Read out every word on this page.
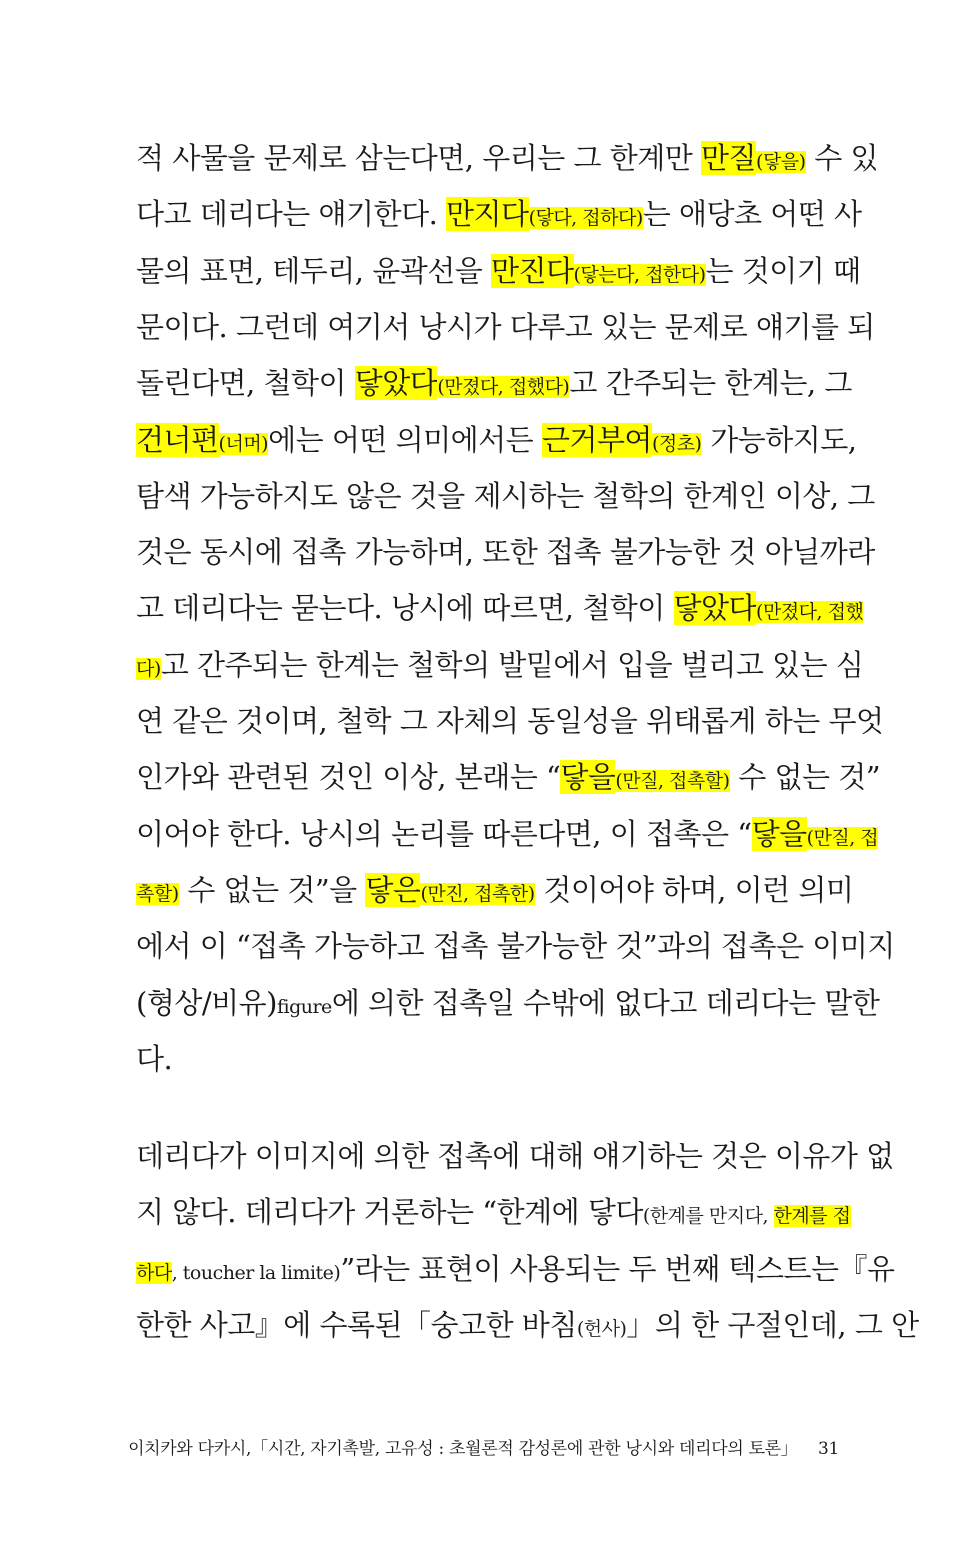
적 사물을 문제로 삼는다면, 우리는 그 한계만 만질(닿을) 수 있
다고 데리다는 얘기한다. 만지다(닿다, 접하다)는 애당초 어떤 사
물의 표면, 테두리, 윤곽선을 만진다(닿는다, 접한다)는 것이기 때
문이다. 그런데 여기서 낭시가 다루고 있는 문제로 얘기를 되
돌린다면, 철학이 닿았다(만졌다, 접했다)고 간주되는 한계는, 그
건너편(너머)에는 어떤 의미에서든 근거부여(정초) 가능하지도,
탐색 가능하지도 않은 것을 제시하는 철학의 한계인 이상, 그
것은 동시에 접촉 가능하며, 또한 접촉 불가능한 것 아닐까라
고 데리다는 묻는다. 낭시에 따르면, 철학이 닿았다(만졌다, 접했
다)고 간주되는 한계는 철학의 발밑에서 입을 벌리고 있는 심
연 같은 것이며, 철학 그 자체의 동일성을 위태롭게 하는 무엇
인가와 관련된 것인 이상, 본래는 “닿을(만질, 접촉할) 수 없는 것”
이어야 한다. 낭시의 논리를 따른다면, 이 접촉은 “닿을(만질, 접
촉할) 수 없는 것”을 닿은(만진, 접촉한) 것이어야 하며, 이런 의미
에서 이 “접촉 가능하고 접촉 불가능한 것”과의 접촉은 이미지
(형상/비유)figure에 의한 접촉일 수밖에 없다고 데리다는 말한
다.
데리다가 이미지에 의한 접촉에 대해 얘기하는 것은 이유가 없
지 않다. 데리다가 거론하는 “한계에 닿다(한계를 만지다, 한계를 접
하다, toucher la limite)”라는 표현이 사용되는 두 번째 텍스트는『유
한한 사고』에 수록된「숭고한 바침(헌사)」의 한 구절인데, 그 안
이치카와 다카시,「시간, 자기촉발, 고유성 : 초월론적 감성론에 관한 낭시와 데리다의 토론」 31
